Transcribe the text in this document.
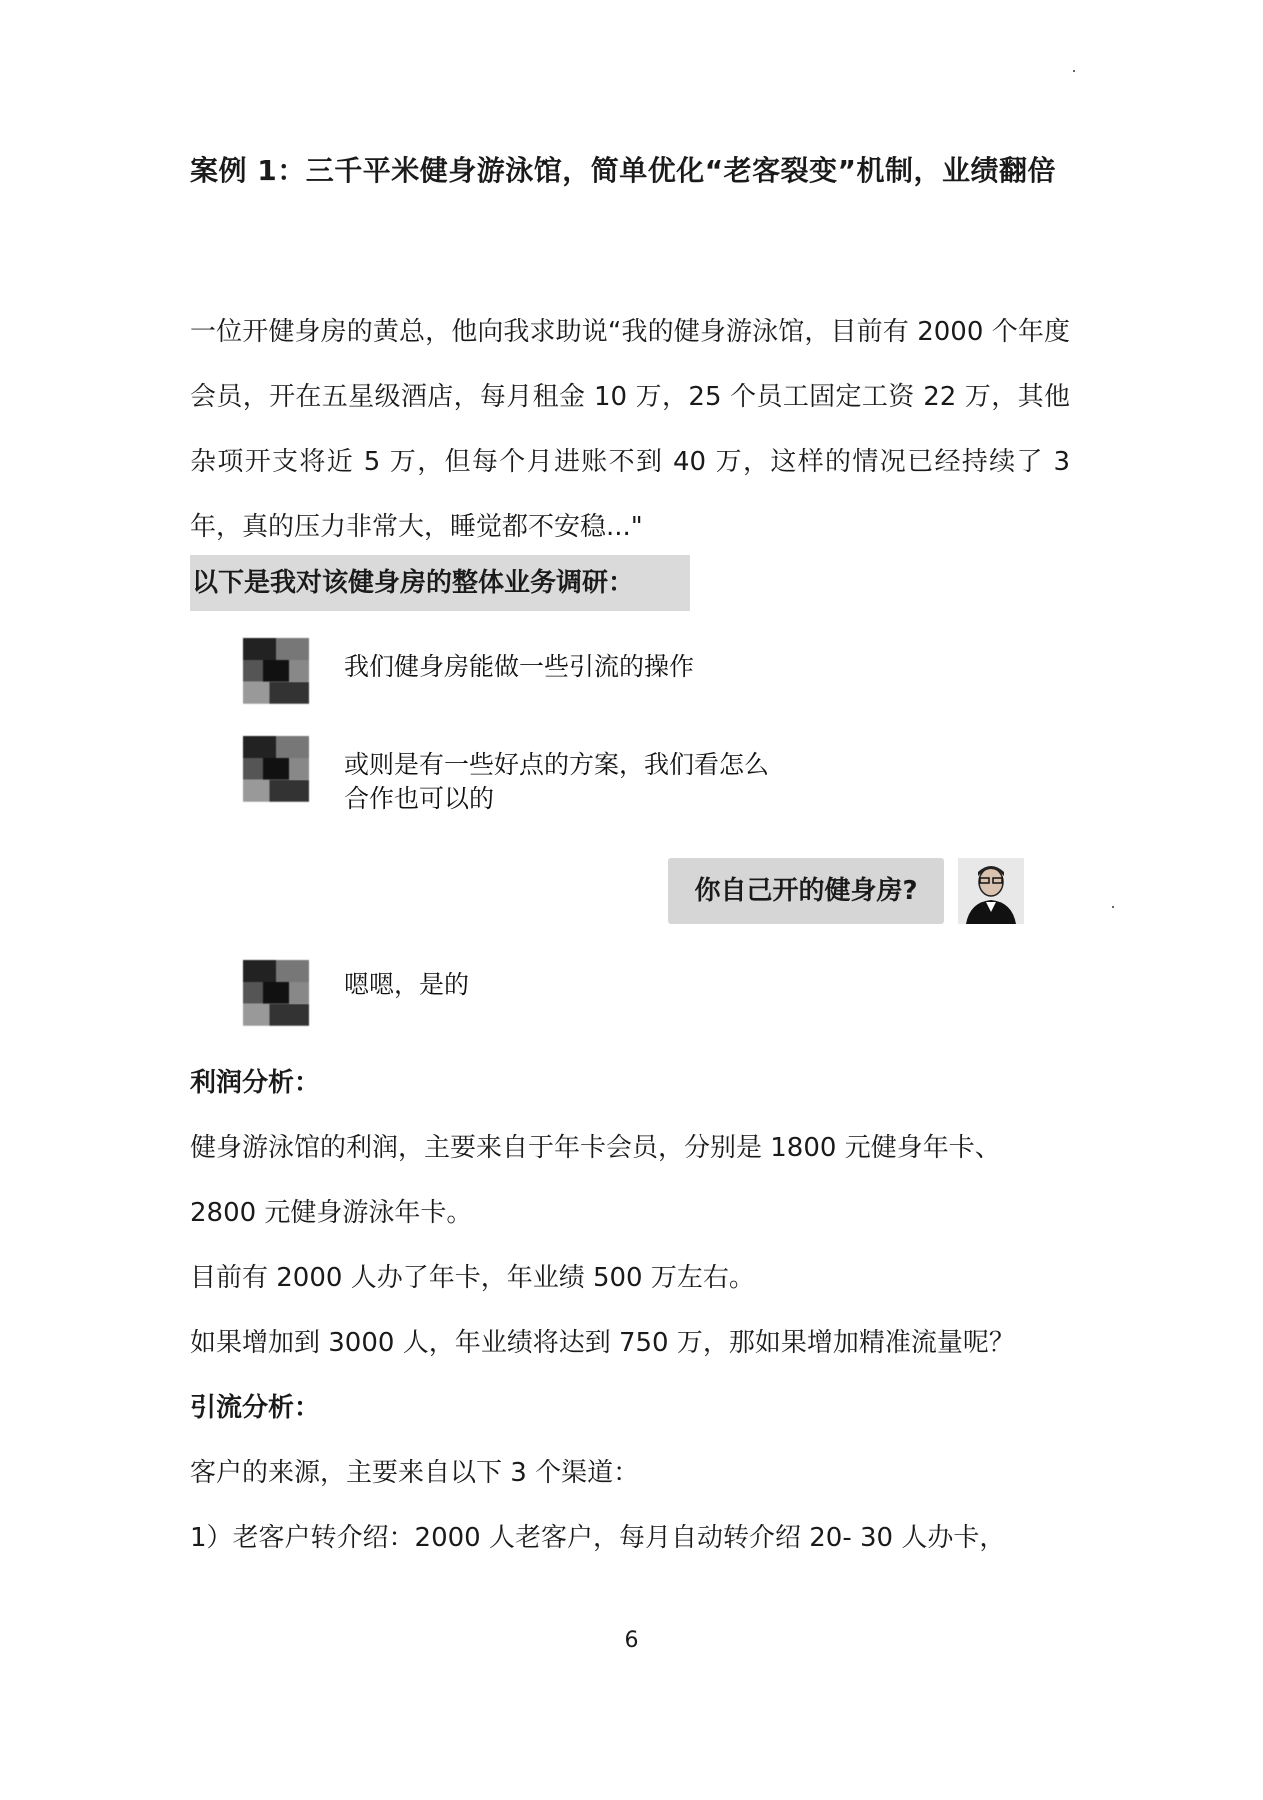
案例 1：三千平米健身游泳馆，简单优化“老客裂变”机制，业绩翻倍
一位开健身房的黄总，他向我求助说“我的健身游泳馆，目前有 2000 个年度会员，开在五星级酒店，每月租金 10 万，25 个员工固定工资 22 万，其他杂项开支将近 5 万，但每个月进账不到 40 万，这样的情况已经持续了 3 年，真的压力非常大，睡觉都不安稳..."
以下是我对该健身房的整体业务调研：
我们健身房能做一些引流的操作
或则是有一些好点的方案，我们看怎么
合作也可以的
你自己开的健身房?
嗯嗯，是的
利润分析：
健身游泳馆的利润，主要来自于年卡会员，分别是 1800 元健身年卡、
2800 元健身游泳年卡。
目前有 2000 人办了年卡，年业绩 500 万左右。
如果增加到 3000 人，年业绩将达到 750 万，那如果增加精准流量呢？
引流分析：
客户的来源，主要来自以下 3 个渠道：
1）老客户转介绍：2000 人老客户，每月自动转介绍 20- 30 人办卡，
6
